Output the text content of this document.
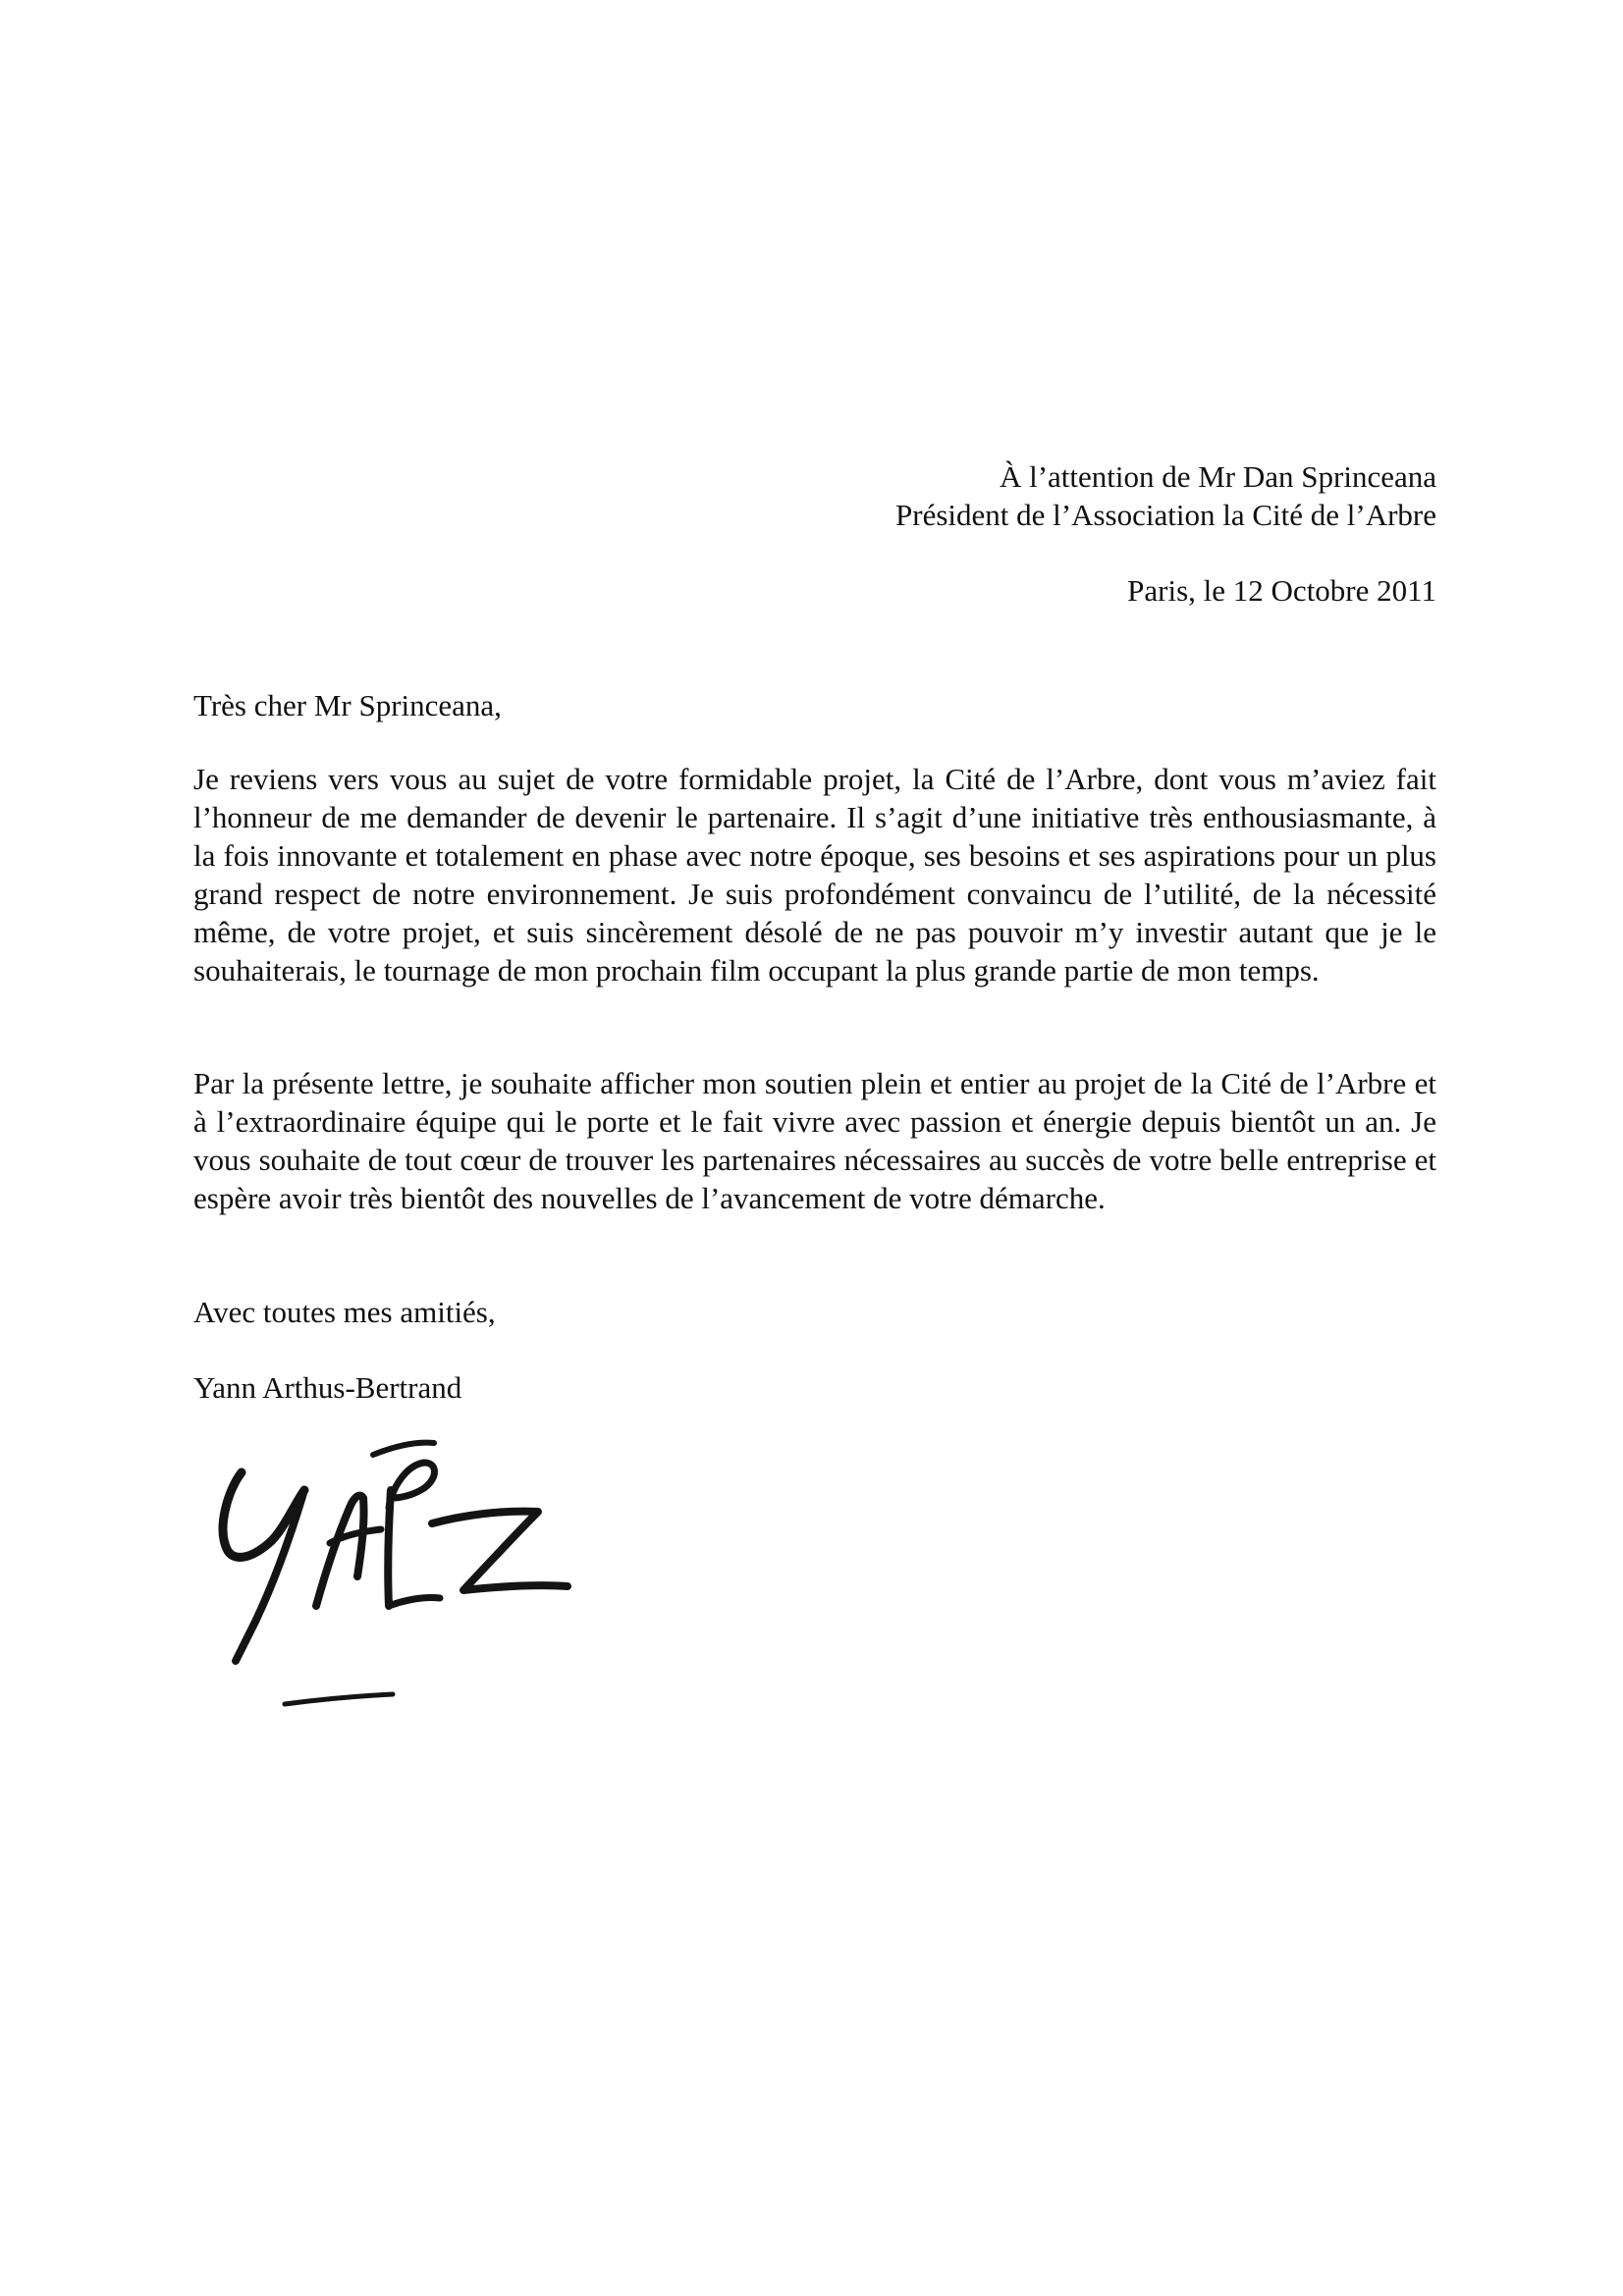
À l’attention de Mr Dan Sprinceana
Président de l’Association la Cité de l’Arbre
Paris, le 12 Octobre 2011
Très cher Mr Sprinceana,

Je reviens vers vous au sujet de votre formidable projet, la Cité de l’Arbre, dont vous m’aviez fait l’honneur de me demander de devenir le partenaire. Il s’agit d’une initiative très enthousiasmante, à la fois innovante et totalement en phase avec notre époque, ses besoins et ses aspirations pour un plus grand respect de notre environnement. Je suis profondément convaincu de l’utilité, de la nécessité même, de votre projet, et suis sincèrement désolé de ne pas pouvoir m’y investir autant que je le souhaiterais, le tournage de mon prochain film occupant la plus grande partie de mon temps.

Par la présente lettre, je souhaite afficher mon soutien plein et entier au projet de la Cité de l’Arbre et à l’extraordinaire équipe qui le porte et le fait vivre avec passion et énergie depuis bientôt un an. Je vous souhaite de tout cœur de trouver les partenaires nécessaires au succès de votre belle entreprise et espère avoir très bientôt des nouvelles de l’avancement de votre démarche.

Avec toutes mes amitiés,
Yann Arthus-Bertrand
